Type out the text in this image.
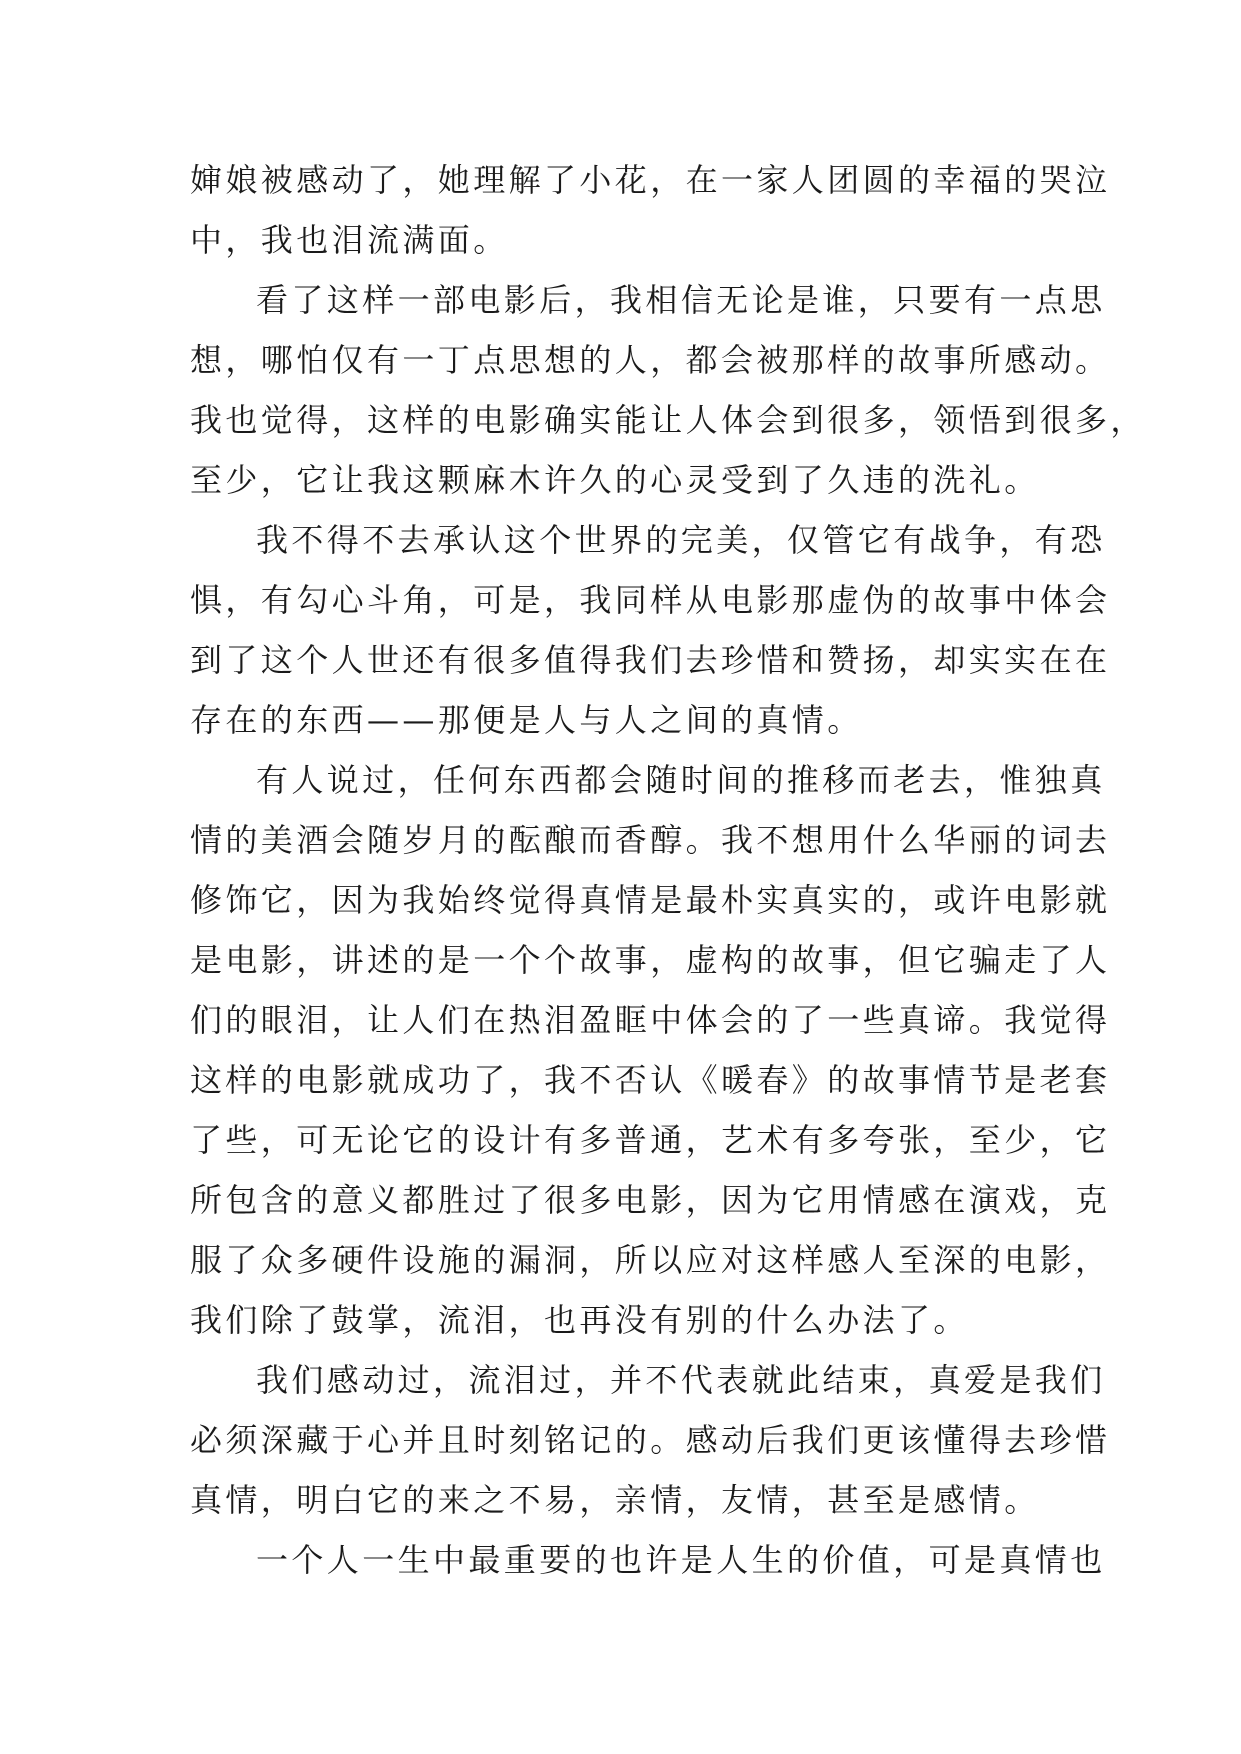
婶娘被感动了，她理解了小花，在一家人团圆的幸福的哭泣
中，我也泪流满面。
看了这样一部电影后，我相信无论是谁，只要有一点思
想，哪怕仅有一丁点思想的人，都会被那样的故事所感动。
我也觉得，这样的电影确实能让人体会到很多，领悟到很多，
至少，它让我这颗麻木许久的心灵受到了久违的洗礼。
我不得不去承认这个世界的完美，仅管它有战争，有恐
惧，有勾心斗角，可是，我同样从电影那虚伪的故事中体会
到了这个人世还有很多值得我们去珍惜和赞扬，却实实在在
存在的东西——那便是人与人之间的真情。
有人说过，任何东西都会随时间的推移而老去，惟独真
情的美酒会随岁月的酝酿而香醇。我不想用什么华丽的词去
修饰它，因为我始终觉得真情是最朴实真实的，或许电影就
是电影，讲述的是一个个故事，虚构的故事，但它骗走了人
们的眼泪，让人们在热泪盈眶中体会的了一些真谛。我觉得
这样的电影就成功了，我不否认《暖春》的故事情节是老套
了些，可无论它的设计有多普通，艺术有多夸张，至少，它
所包含的意义都胜过了很多电影，因为它用情感在演戏，克
服了众多硬件设施的漏洞，所以应对这样感人至深的电影，
我们除了鼓掌，流泪，也再没有别的什么办法了。
我们感动过，流泪过，并不代表就此结束，真爱是我们
必须深藏于心并且时刻铭记的。感动后我们更该懂得去珍惜
真情，明白它的来之不易，亲情，友情，甚至是感情。
一个人一生中最重要的也许是人生的价值，可是真情也
